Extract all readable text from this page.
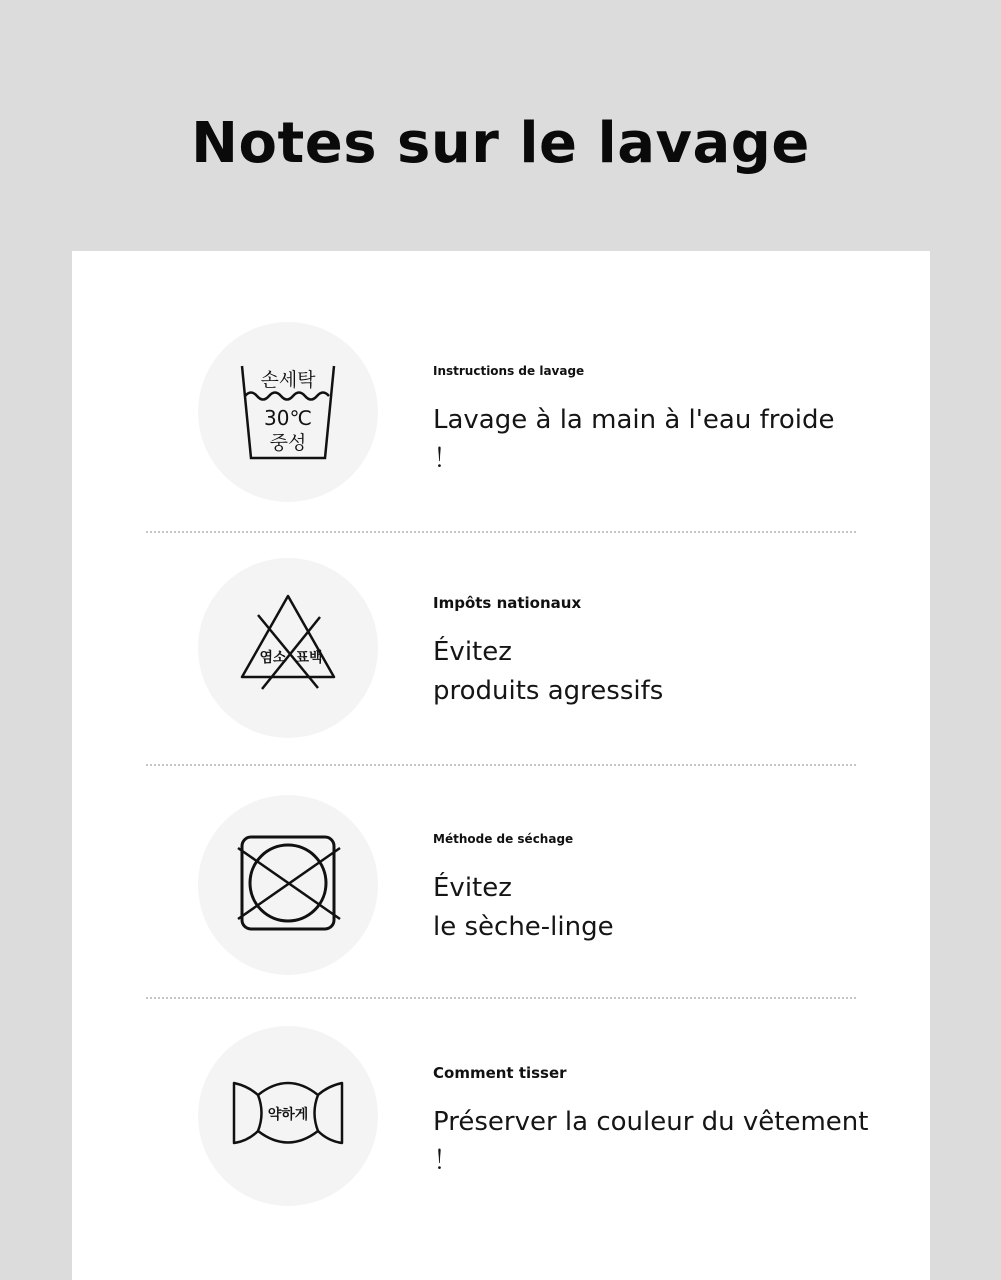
Notes sur le lavage
손세탁
30℃
중성
Instructions de lavage
Lavage à la main à l'eau froide
！
염소 표백
Impôts nationaux
Évitez
produits agressifs
Méthode de séchage
Évitez
le sèche-linge
약하게
Comment tisser
Préserver la couleur du vêtement
！
